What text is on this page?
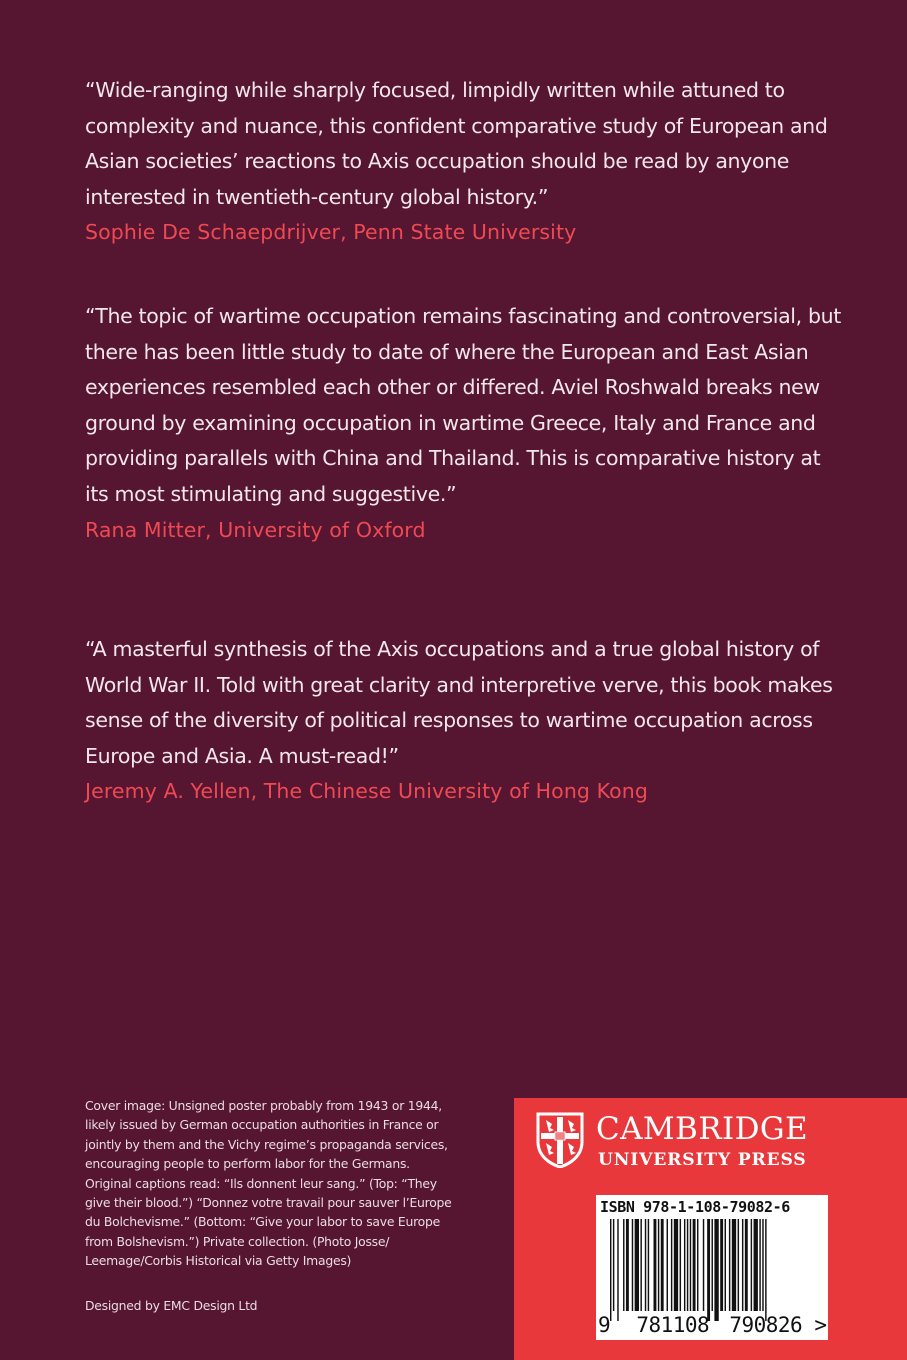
“Wide-ranging while sharply focused, limpidly written while attuned to complexity and nuance, this confident comparative study of European and Asian societies’ reactions to Axis occupation should be read by anyone interested in twentieth-century global history.”
Sophie De Schaepdrijver, Penn State University

“The topic of wartime occupation remains fascinating and controversial, but there has been little study to date of where the European and East Asian experiences resembled each other or differed. Aviel Roshwald breaks new ground by examining occupation in wartime Greece, Italy and France and providing parallels with China and Thailand. This is comparative history at its most stimulating and suggestive.”
Rana Mitter, University of Oxford

“A masterful synthesis of the Axis occupations and a true global history of World War II. Told with great clarity and interpretive verve, this book makes sense of the diversity of political responses to wartime occupation across Europe and Asia. A must-read!”
Jeremy A. Yellen, The Chinese University of Hong Kong

Cover image: Unsigned poster probably from 1943 or 1944, likely issued by German occupation authorities in France or jointly by them and the Vichy regime’s propaganda services, encouraging people to perform labor for the Germans. Original captions read: “Ils donnent leur sang.” (Top: “They give their blood.”) “Donnez votre travail pour sauver l’Europe du Bolchevisme.” (Bottom: “Give your labor to save Europe from Bolshevism.”) Private collection. (Photo Josse/ Leemage/Corbis Historical via Getty Images)

Designed by EMC Design Ltd

CAMBRIDGE
UNIVERSITY PRESS
ISBN 978-1-108-79082-6
9 781108 790826 >
